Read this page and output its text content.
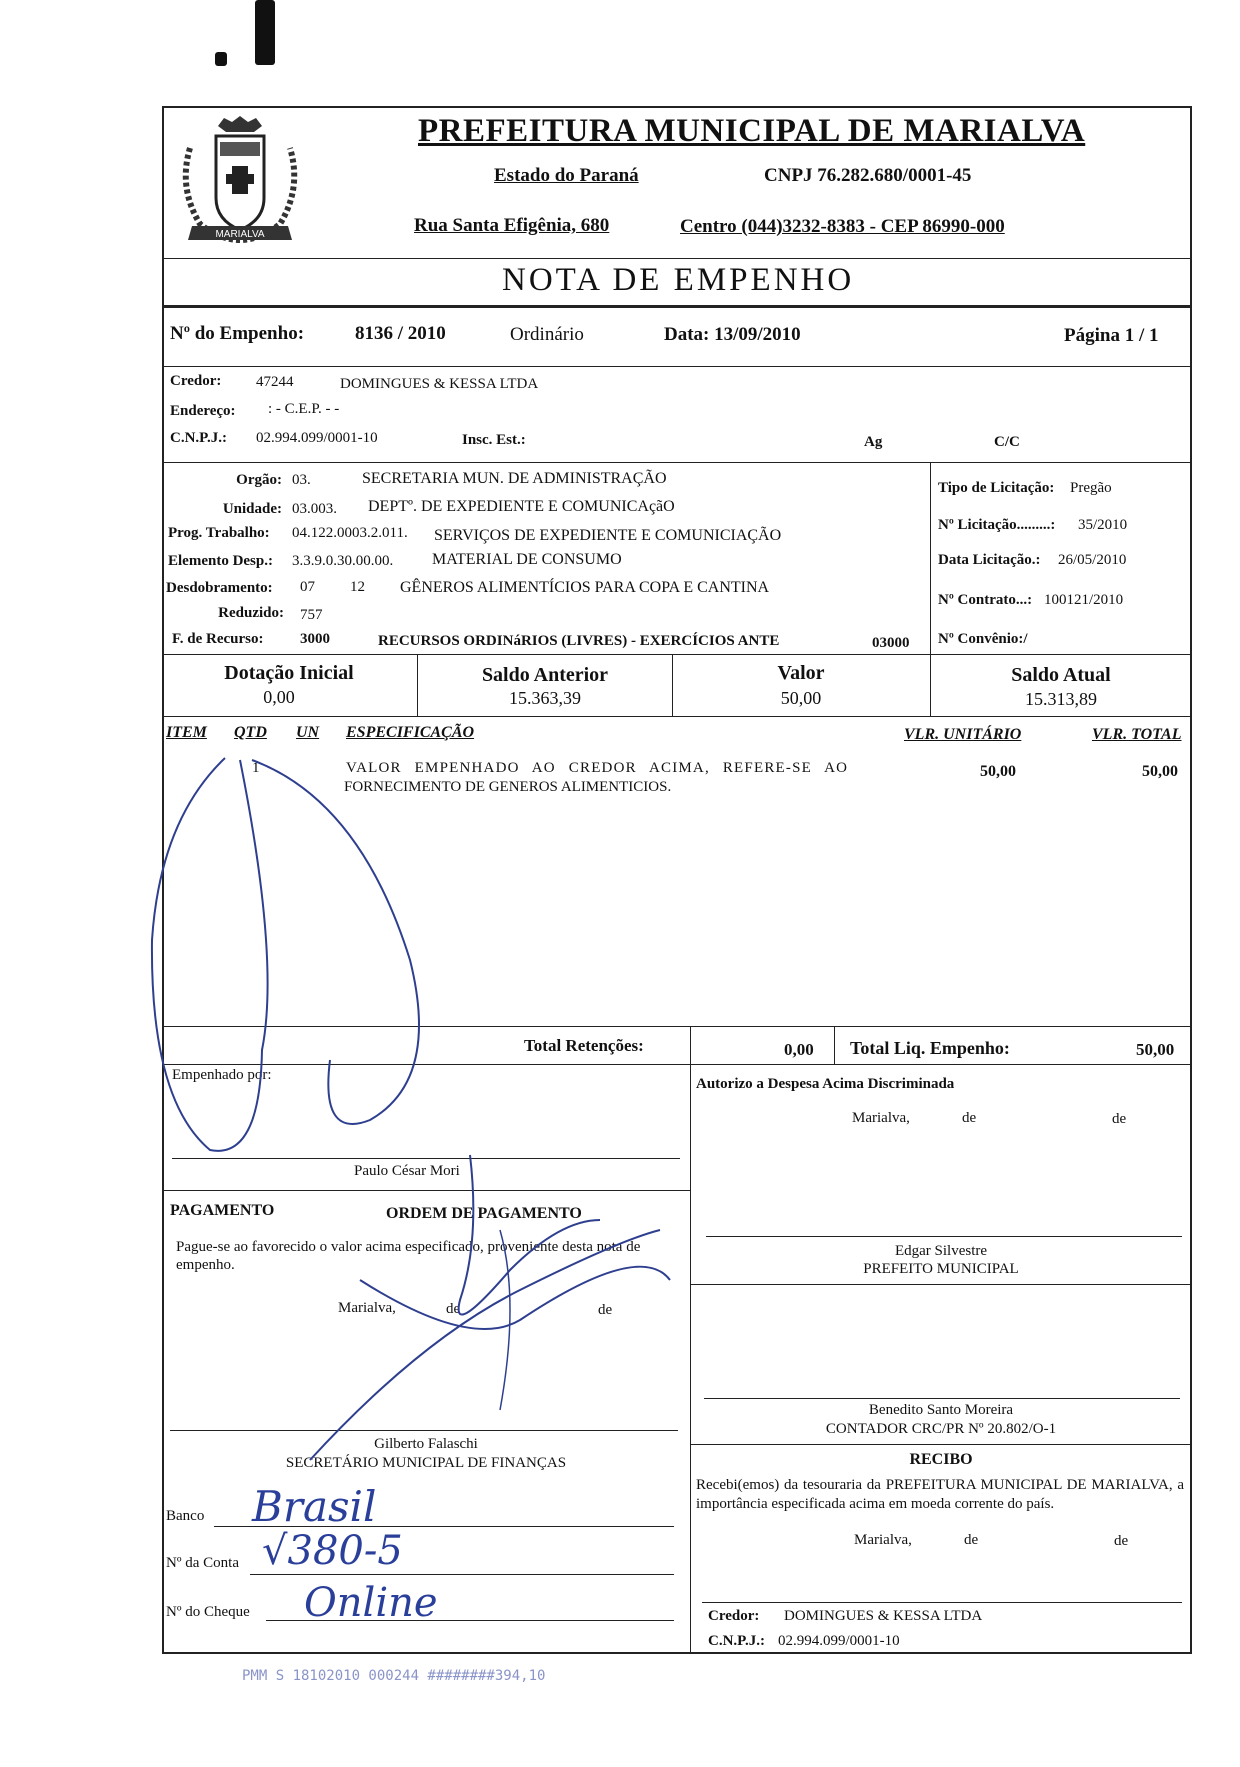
MARIALVA
PREFEITURA MUNICIPAL DE MARIALVA
Estado do Paraná	CNPJ 76.282.680/0001-45
Rua Santa Efigênia, 680	Centro (044)3232-8383 - CEP 86990-000
NOTA DE EMPENHO
Nº do Empenho:	8136 / 2010	Ordinário	Data: 13/09/2010	Página 1 / 1
Credor: 47244	DOMINGUES & KESSA LTDA
Endereço: : - C.E.P. - -
C.N.P.J.: 02.994.099/0001-10	Insc. Est.:	Ag	C/C
Orgão: 03.	SECRETARIA MUN. DE ADMINISTRAÇÃO
Unidade: 03.003. DEPTº. DE EXPEDIENTE E COMUNICAçãO
Prog. Trabalho: 04.122.0003.2.011. SERVIÇOS DE EXPEDIENTE E COMUNICIAÇÃO
Elemento Desp.: 3.3.9.0.30.00.00. MATERIAL DE CONSUMO
Desdobramento: 07 12 GÊNEROS ALIMENTÍCIOS PARA COPA E CANTINA
Reduzido: 757
F. de Recurso: 3000	RECURSOS ORDINáRIOS (LIVRES) - EXERCÍCIOS ANTE	03000
Tipo de Licitação: Pregão
Nº Licitação.........: 35/2010
Data Licitação.: 26/05/2010
Nº Contrato...: 100121/2010
Nº Convênio:/
Dotação Inicial
0,00
Saldo Anterior
15.363,39
Valor
50,00
Saldo Atual
15.313,89
ITEM QTD UN ESPECIFICAÇÃO	VLR. UNITÁRIO	VLR. TOTAL
1	VALOR EMPENHADO AO CREDOR ACIMA, REFERE-SE AO
FORNECIMENTO DE GENEROS ALIMENTICIOS.
50,00	50,00
Total Retenções:	0,00 Total Liq. Empenho:	50,00
Empenhado por:
Paulo César Mori
PAGAMENTO	ORDEM DE PAGAMENTO
Pague-se ao favorecido o valor acima especificado, proveniente desta nota de empenho.
Marialva,	de	de
Gilberto Falaschi
SECRETÁRIO MUNICIPAL DE FINANÇAS
Banco Brasil
Nº da Conta √380-5
Nº do Cheque Online
Autorizo a Despesa Acima Discriminada
Marialva,	de	de
Edgar Silvestre
PREFEITO MUNICIPAL
Benedito Santo Moreira
CONTADOR CRC/PR Nº 20.802/O-1
RECIBO
Recebi(emos) da tesouraria da PREFEITURA MUNICIPAL DE MARIALVA, a importância especificada acima em moeda corrente do país.
Marialva,	de	de
Credor: DOMINGUES & KESSA LTDA
C.N.P.J.: 02.994.099/0001-10
PMM S 18102010 000244 ########394,10
